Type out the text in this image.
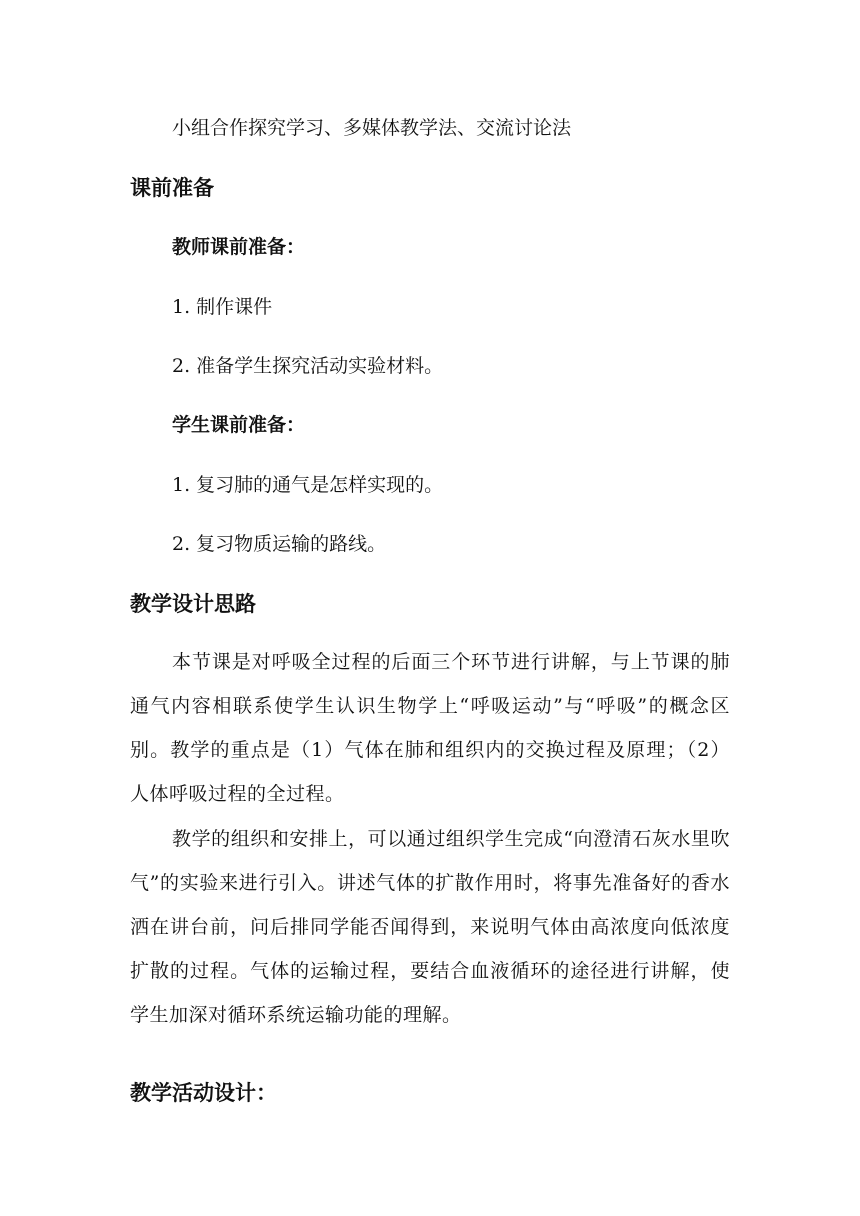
小组合作探究学习、多媒体教学法、交流讨论法
课前准备
教师课前准备：
1. 制作课件
2. 准备学生探究活动实验材料。
学生课前准备：
1. 复习肺的通气是怎样实现的。
2. 复习物质运输的路线。
教学设计思路
本节课是对呼吸全过程的后面三个环节进行讲解，与上节课的肺通气内容相联系使学生认识生物学上“呼吸运动”与“呼吸”的概念区别。教学的重点是（1）气体在肺和组织内的交换过程及原理；（2）人体呼吸过程的全过程。
教学的组织和安排上，可以通过组织学生完成“向澄清石灰水里吹气”的实验来进行引入。讲述气体的扩散作用时，将事先准备好的香水洒在讲台前，问后排同学能否闻得到，来说明气体由高浓度向低浓度扩散的过程。气体的运输过程，要结合血液循环的途径进行讲解，使学生加深对循环系统运输功能的理解。
教学活动设计：
